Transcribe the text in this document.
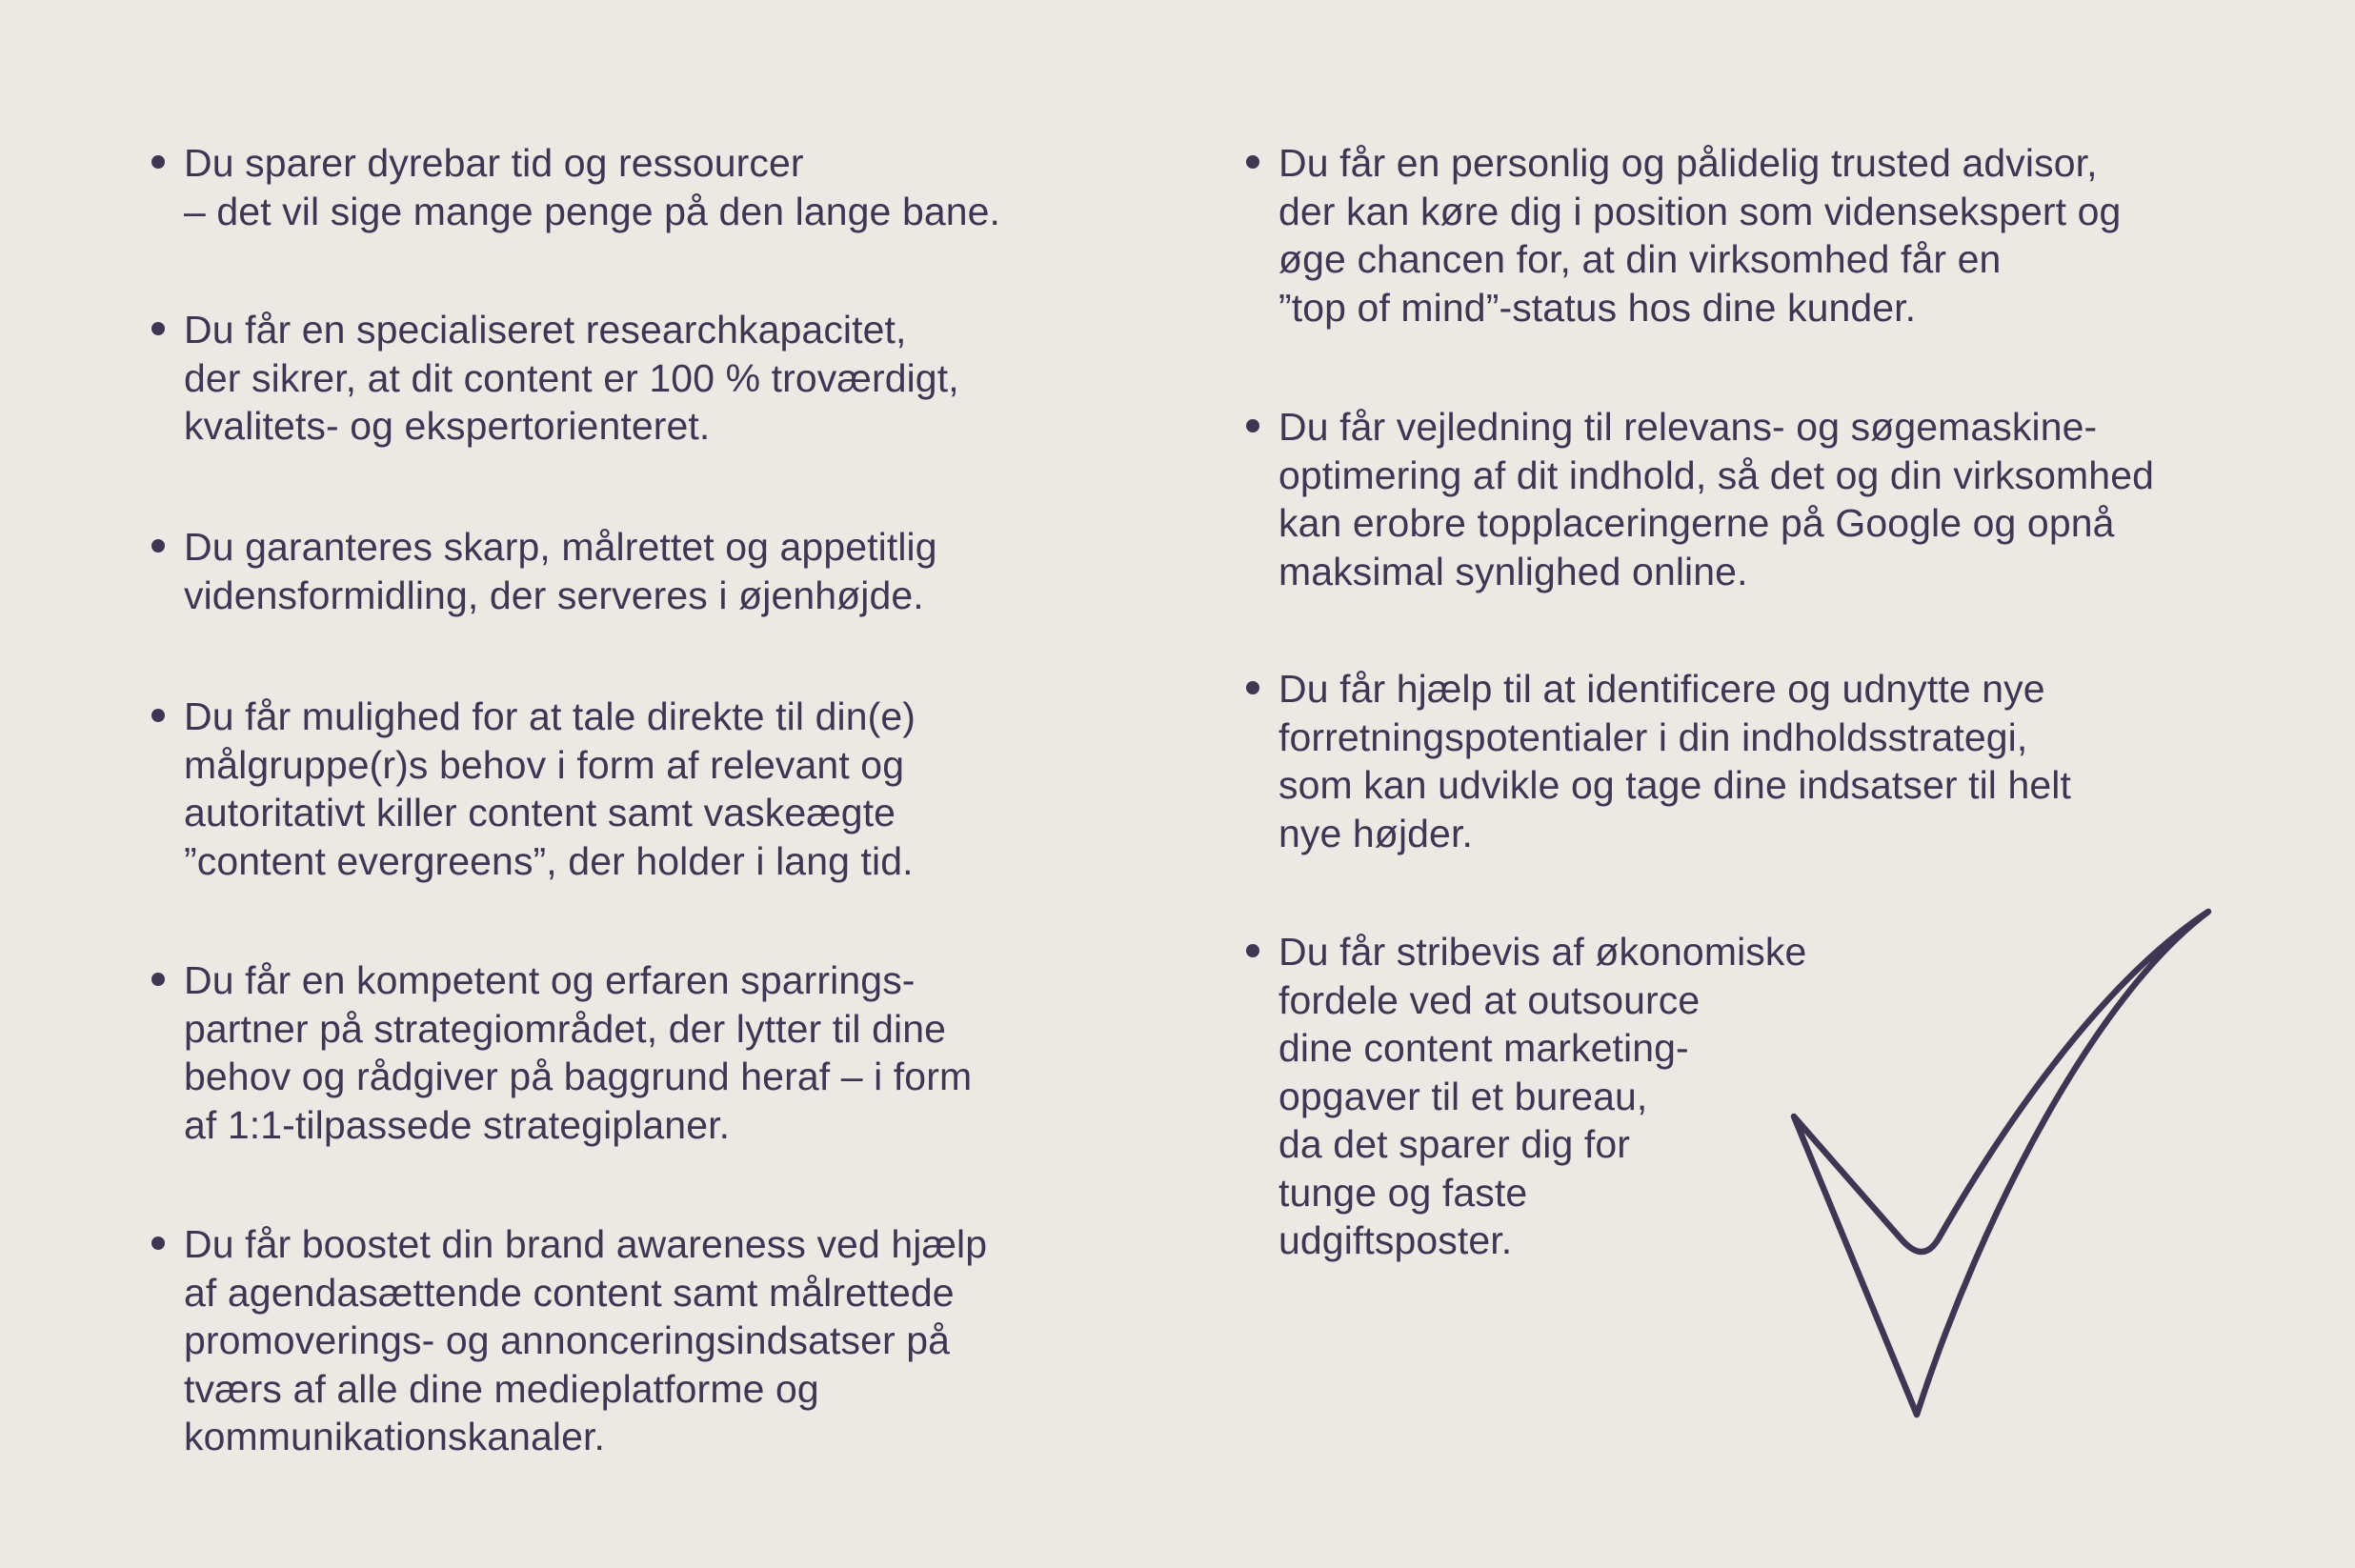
Du sparer dyrebar tid og ressourcer
– det vil sige mange penge på den lange bane.
Du får en specialiseret researchkapacitet,
der sikrer, at dit content er 100 % troværdigt,
kvalitets- og ekspertorienteret.
Du garanteres skarp, målrettet og appetitlig
vidensformidling, der serveres i øjenhøjde.
Du får mulighed for at tale direkte til din(e)
målgruppe(r)s behov i form af relevant og
autoritativt killer content samt vaskeægte
”content evergreens”, der holder i lang tid.
Du får en kompetent og erfaren sparrings-
partner på strategiområdet, der lytter til dine
behov og rådgiver på baggrund heraf – i form
af 1:1-tilpassede strategiplaner.
Du får boostet din brand awareness ved hjælp
af agendasættende content samt målrettede
promoverings- og annonceringsindsatser på
tværs af alle dine medieplatforme og
kommunikationskanaler.
Du får en personlig og pålidelig trusted advisor,
der kan køre dig i position som vidensekspert og
øge chancen for, at din virksomhed får en
”top of mind”-status hos dine kunder.
Du får vejledning til relevans- og søgemaskine-
optimering af dit indhold, så det og din virksomhed
kan erobre topplaceringerne på Google og opnå
maksimal synlighed online.
Du får hjælp til at identificere og udnytte nye
forretningspotentialer i din indholdsstrategi,
som kan udvikle og tage dine indsatser til helt
nye højder.
Du får stribevis af økonomiske
fordele ved at outsource
dine content marketing-
opgaver til et bureau,
da det sparer dig for
tunge og faste
udgiftsposter.
